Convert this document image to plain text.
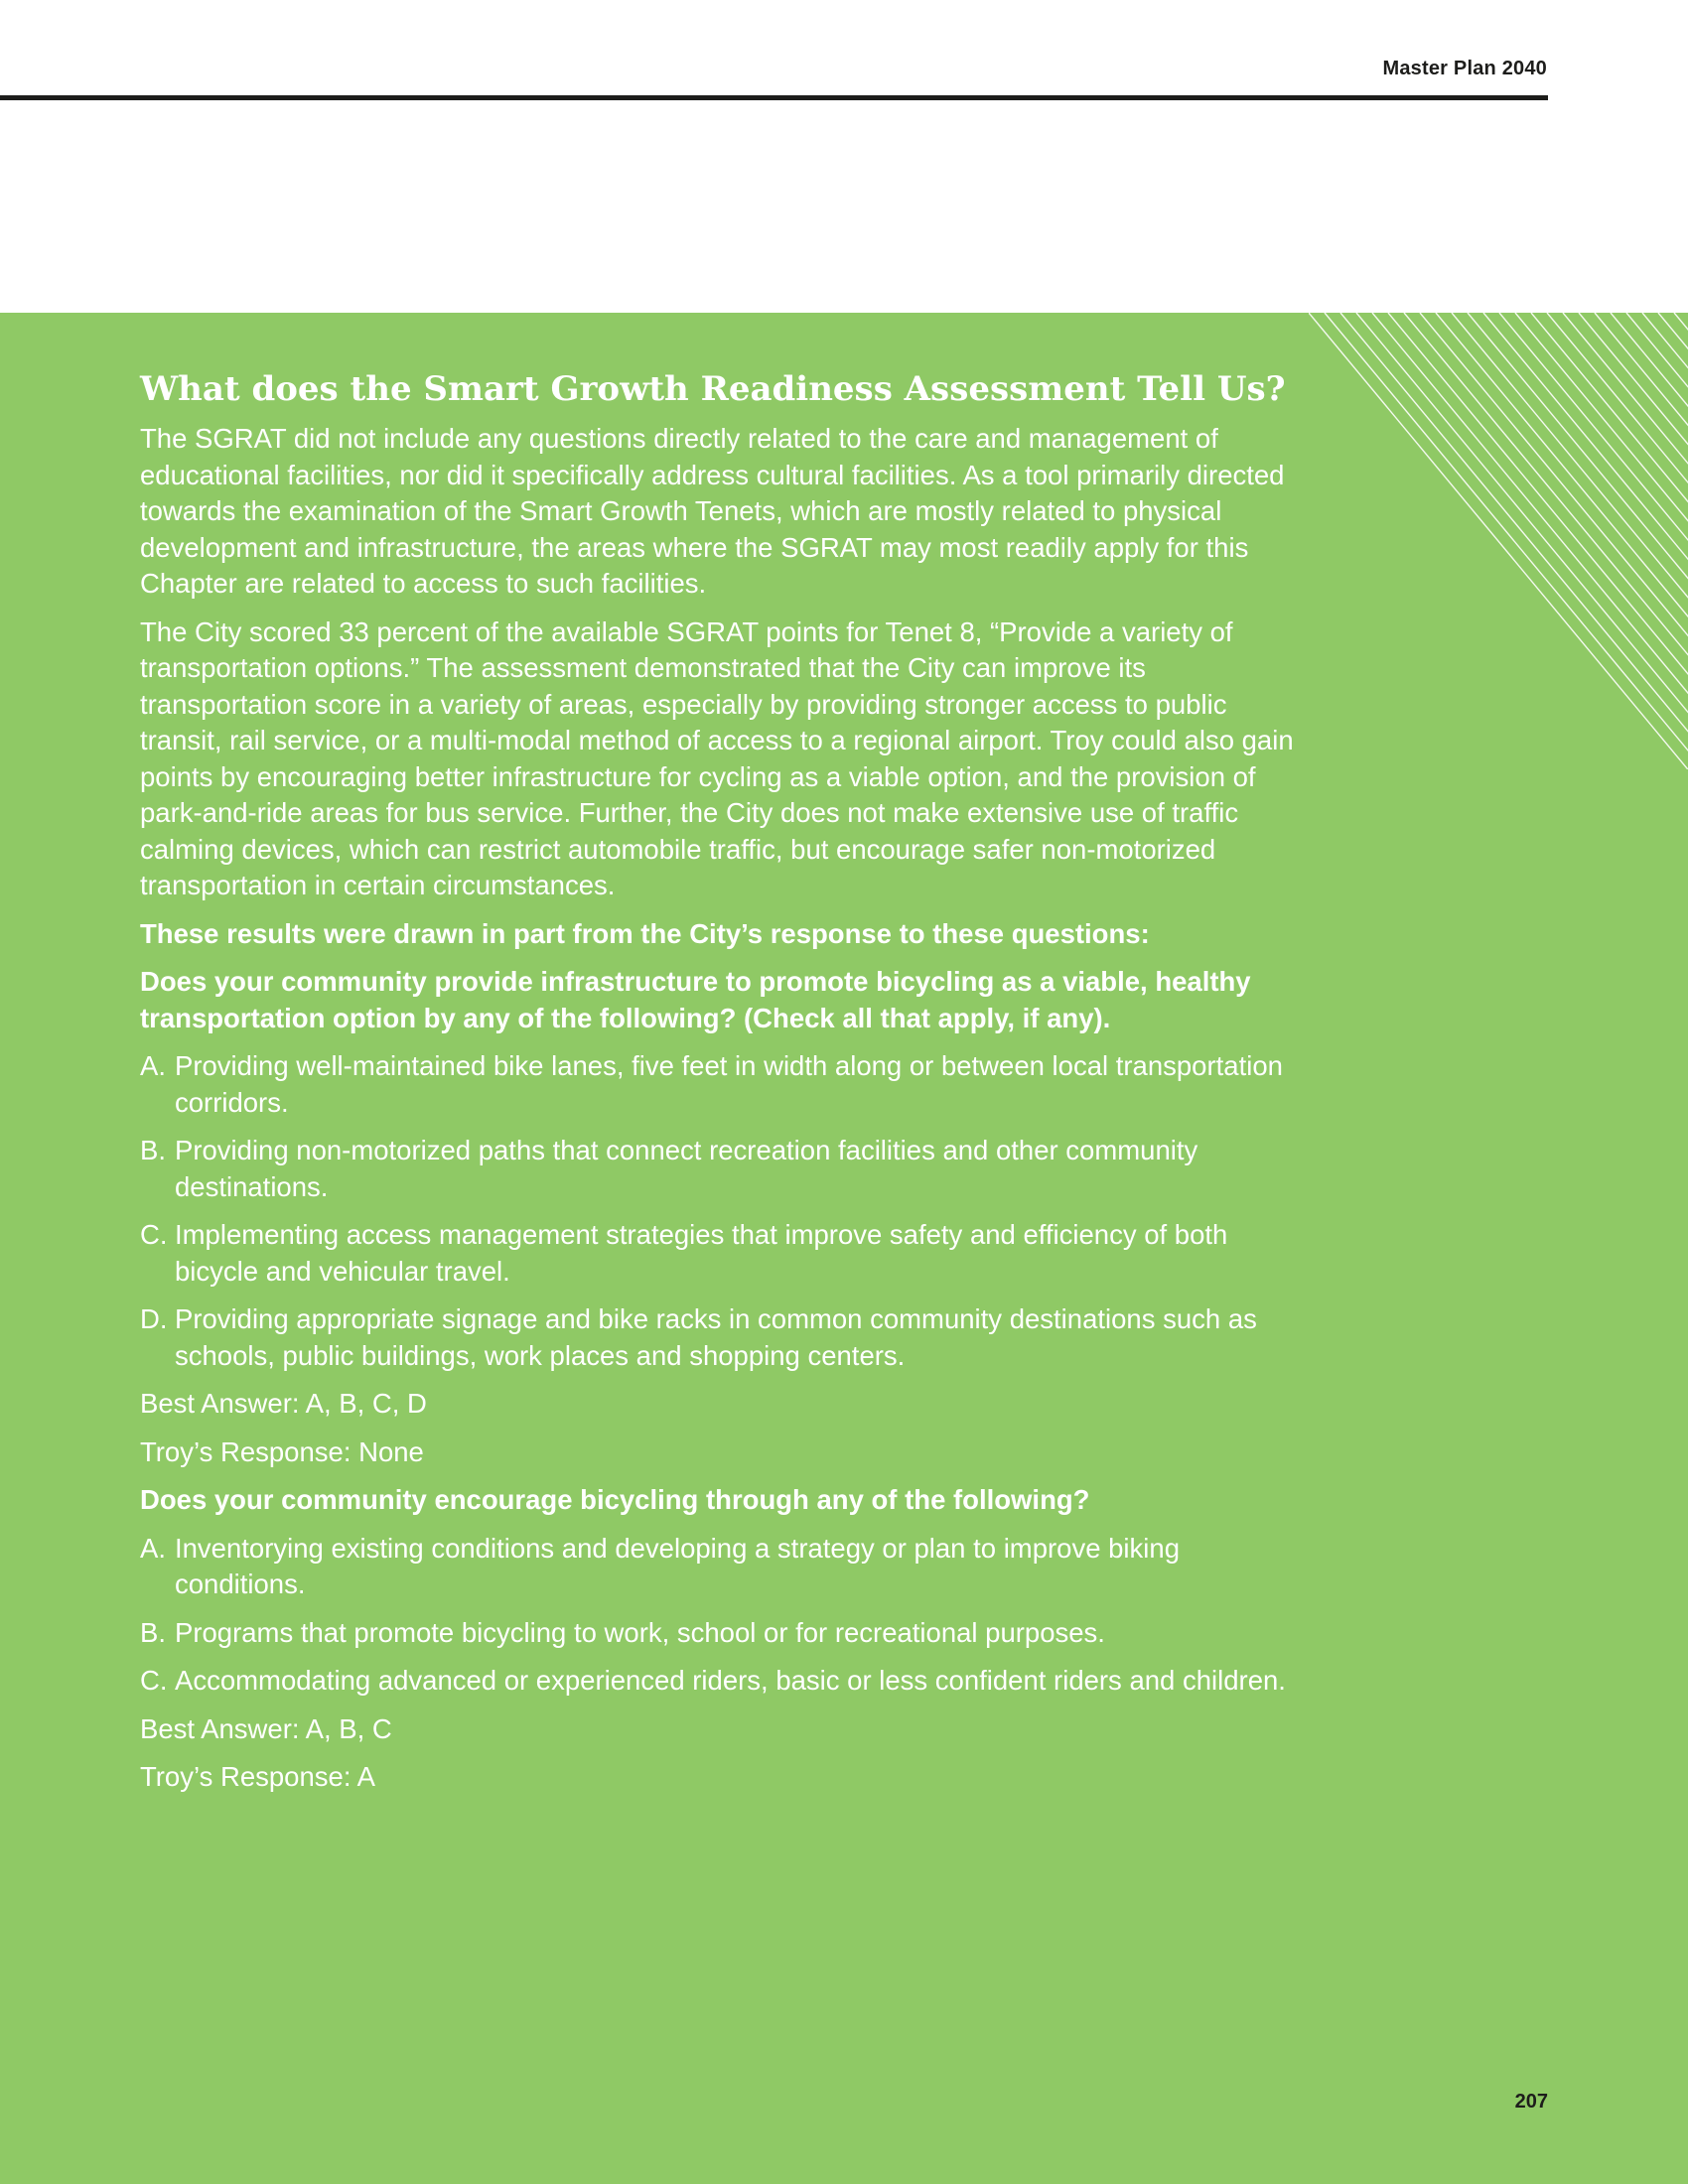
Master Plan 2040
What does the Smart Growth Readiness Assessment Tell Us?

The SGRAT did not include any questions directly related to the care and management of educational facilities, nor did it specifically address cultural facilities. As a tool primarily directed towards the examination of the Smart Growth Tenets, which are mostly related to physical development and infrastructure, the areas where the SGRAT may most readily apply for this Chapter are related to access to such facilities.

The City scored 33 percent of the available SGRAT points for Tenet 8, “Provide a variety of transportation options.” The assessment demonstrated that the City can improve its transportation score in a variety of areas, especially by providing stronger access to public transit, rail service, or a multi-modal method of access to a regional airport. Troy could also gain points by encouraging better infrastructure for cycling as a viable option, and the provision of park-and-ride areas for bus service. Further, the City does not make extensive use of traffic calming devices, which can restrict automobile traffic, but encourage safer non-motorized transportation in certain circumstances.

These results were drawn in part from the City’s response to these questions:

Does your community provide infrastructure to promote bicycling as a viable, healthy transportation option by any of the following? (Check all that apply, if any).

A. Providing well-maintained bike lanes, five feet in width along or between local transportation corridors.
B. Providing non-motorized paths that connect recreation facilities and other community destinations.
C. Implementing access management strategies that improve safety and efficiency of both bicycle and vehicular travel.
D. Providing appropriate signage and bike racks in common community destinations such as schools, public buildings, work places and shopping centers.

Best Answer: A, B, C, D

Troy’s Response: None

Does your community encourage bicycling through any of the following?

A. Inventorying existing conditions and developing a strategy or plan to improve biking conditions.
B. Programs that promote bicycling to work, school or for recreational purposes.
C. Accommodating advanced or experienced riders, basic or less confident riders and children.

Best Answer: A, B, C

Troy’s Response: A

207
